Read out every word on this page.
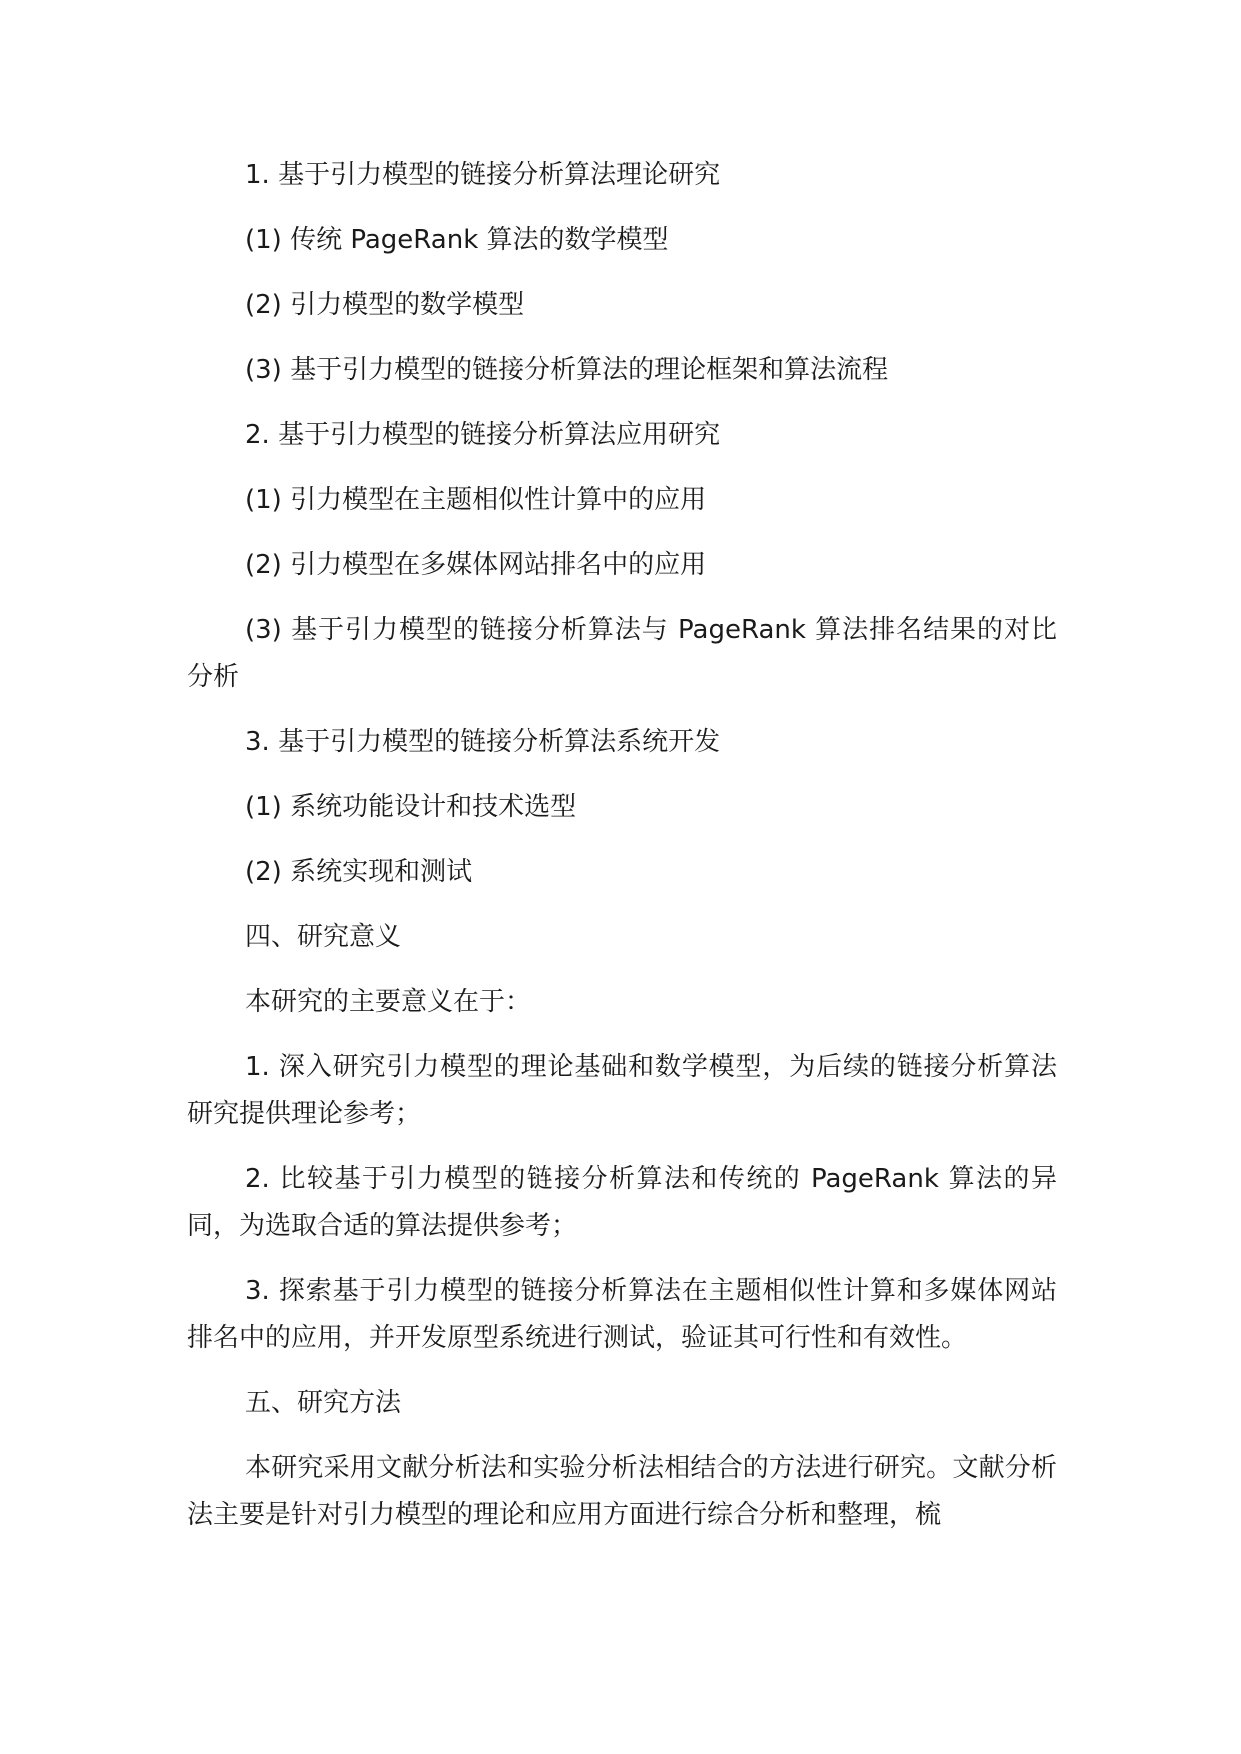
1. 基于引力模型的链接分析算法理论研究

(1) 传统 PageRank 算法的数学模型

(2) 引力模型的数学模型

(3) 基于引力模型的链接分析算法的理论框架和算法流程

2. 基于引力模型的链接分析算法应用研究

(1) 引力模型在主题相似性计算中的应用

(2) 引力模型在多媒体网站排名中的应用

(3) 基于引力模型的链接分析算法与 PageRank 算法排名结果的对比分析

3. 基于引力模型的链接分析算法系统开发

(1) 系统功能设计和技术选型

(2) 系统实现和测试

四、研究意义

本研究的主要意义在于：

1. 深入研究引力模型的理论基础和数学模型，为后续的链接分析算法研究提供理论参考；

2. 比较基于引力模型的链接分析算法和传统的 PageRank 算法的异同，为选取合适的算法提供参考；

3. 探索基于引力模型的链接分析算法在主题相似性计算和多媒体网站排名中的应用，并开发原型系统进行测试，验证其可行性和有效性。

五、研究方法

本研究采用文献分析法和实验分析法相结合的方法进行研究。文献分析法主要是针对引力模型的理论和应用方面进行综合分析和整理，梳
